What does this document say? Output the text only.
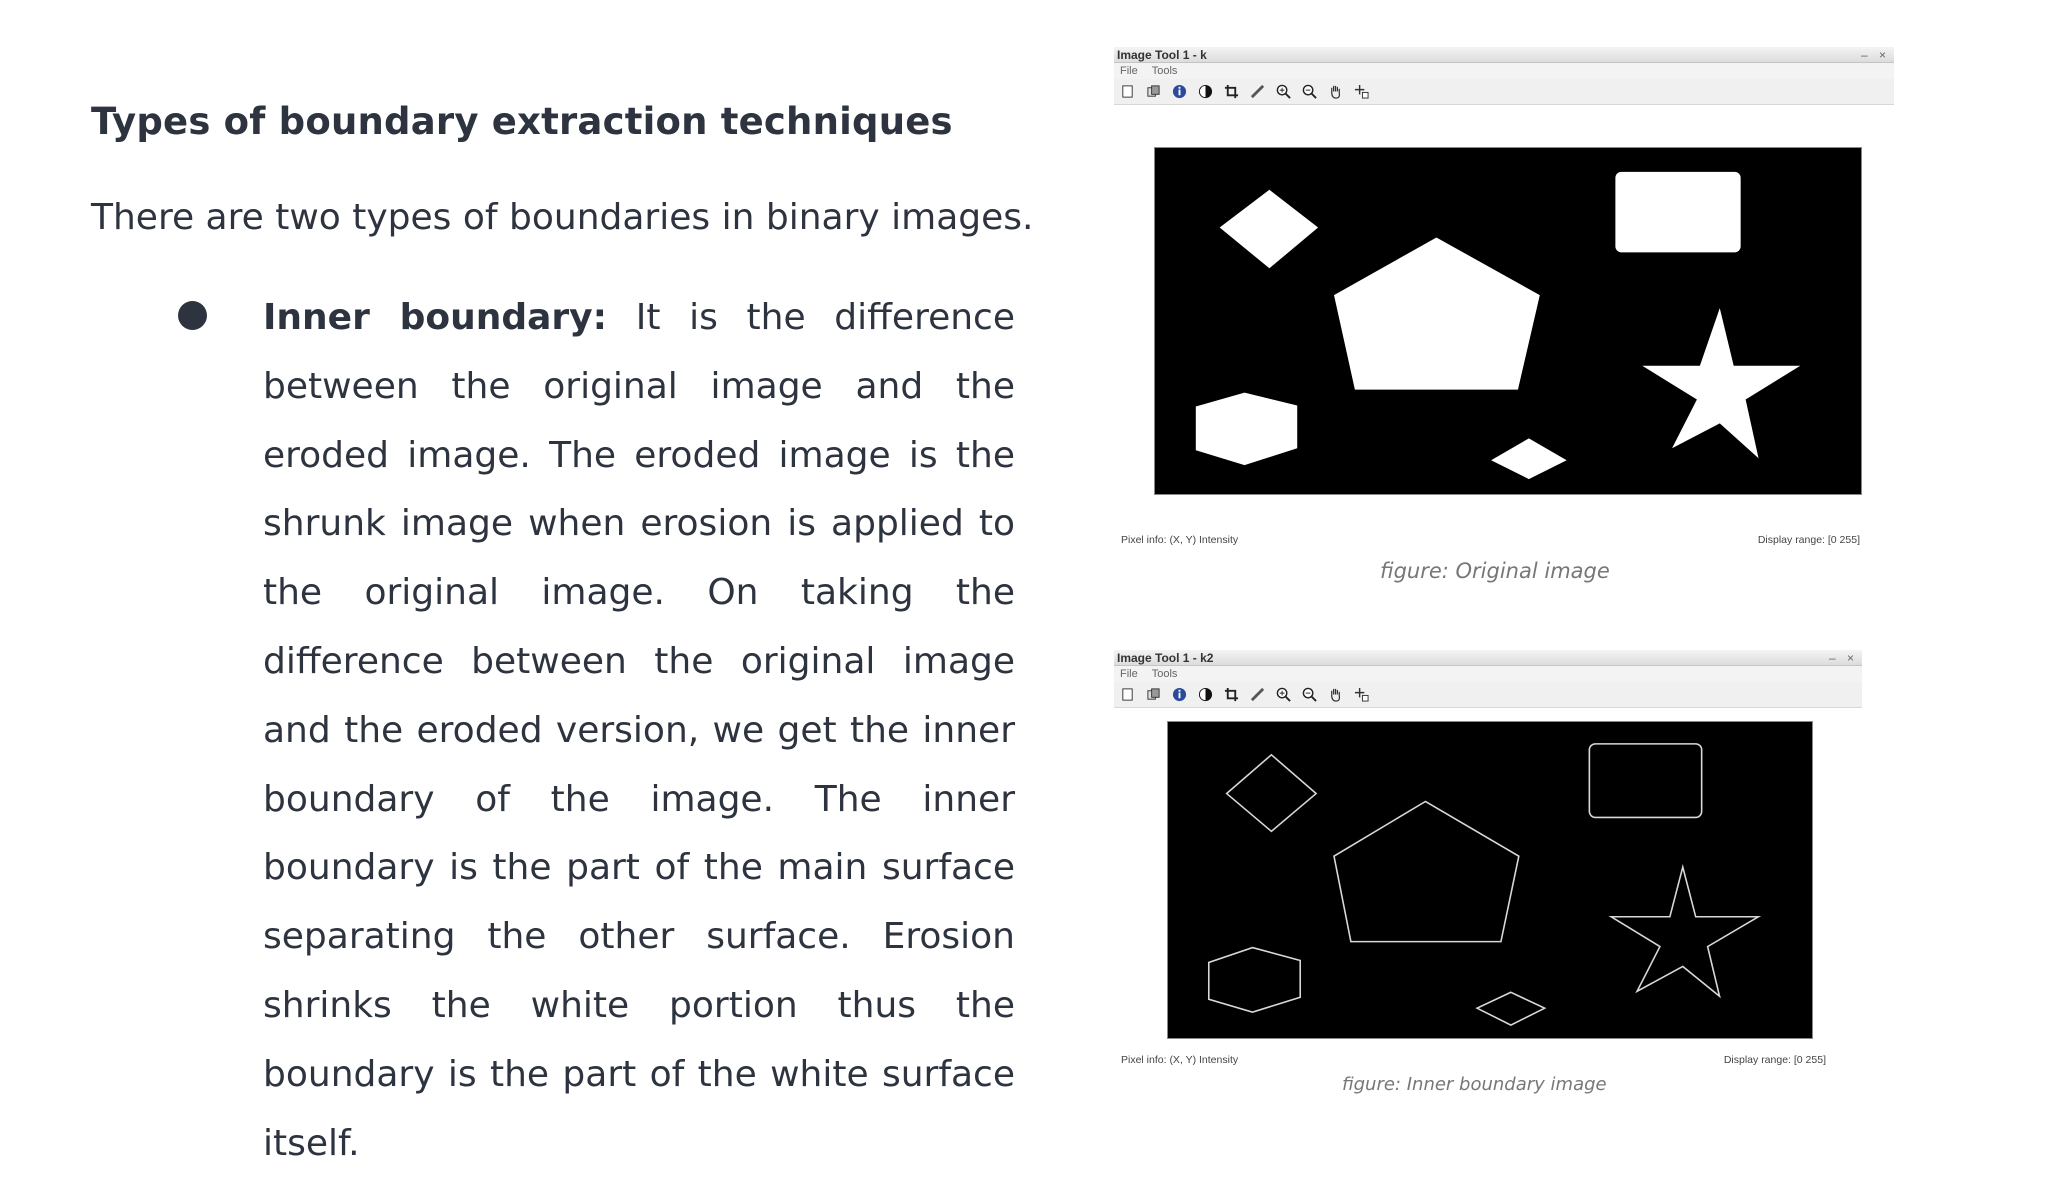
Types of boundary extraction techniques

There are two types of boundaries in binary images.

Inner boundary: It is the difference between the original image and the eroded image. The eroded image is the shrunk image when erosion is applied to the original image. On taking the difference between the original image and the eroded version, we get the inner boundary of the image. The inner boundary is the part of the main surface separating the other surface. Erosion shrinks the white portion thus the boundary is the part of the white surface itself.

Image Tool 1 - k	– ×
File Tools
Pixel info: (X, Y) Intensity	Display range: [0 255]
figure: Original image
Image Tool 1 - k2	– ×
File Tools
Pixel info: (X, Y) Intensity	Display range: [0 255]
figure: Inner boundary image
